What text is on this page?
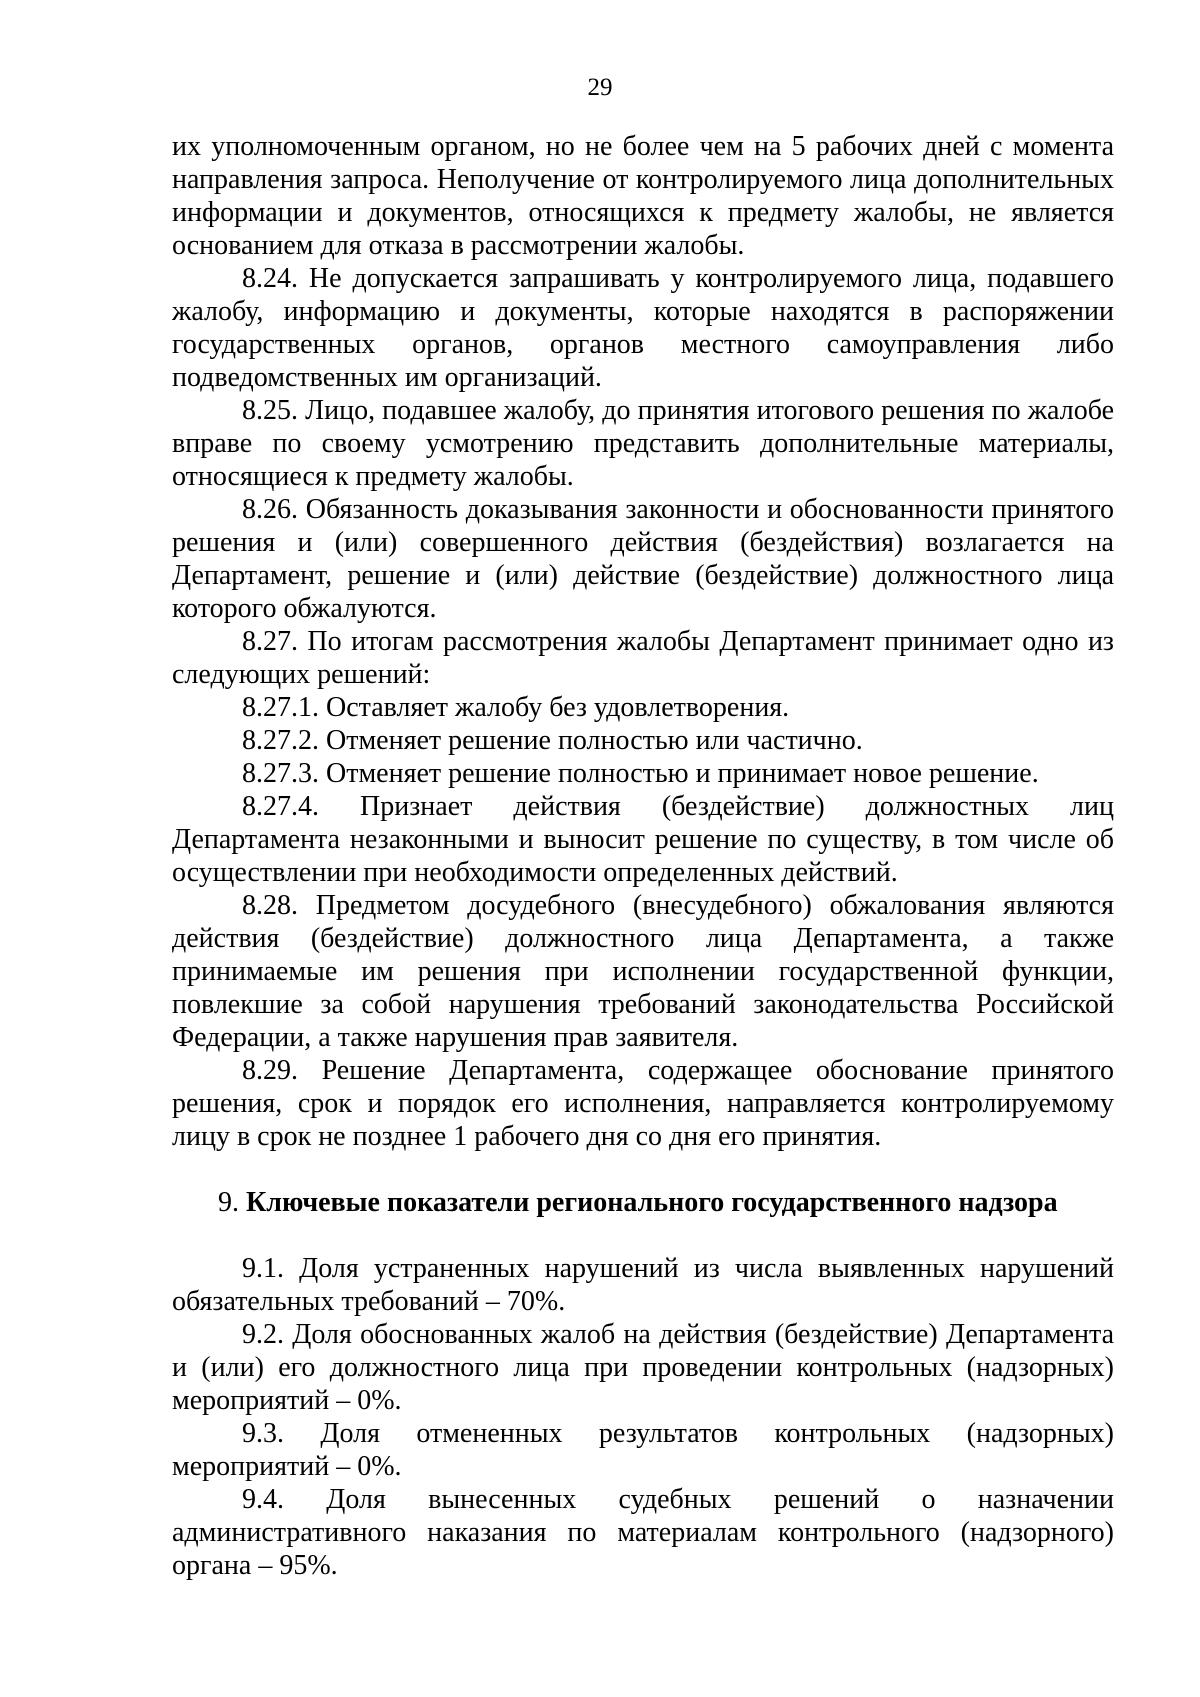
29

их уполномоченным органом, но не более чем на 5 рабочих дней с момента направления запроса. Неполучение от контролируемого лица дополнительных информации и документов, относящихся к предмету жалобы, не является основанием для отказа в рассмотрении жалобы.

8.24. Не допускается запрашивать у контролируемого лица, подавшего жалобу, информацию и документы, которые находятся в распоряжении государственных органов, органов местного самоуправления либо подведомственных им организаций.

8.25. Лицо, подавшее жалобу, до принятия итогового решения по жалобе вправе по своему усмотрению представить дополнительные материалы, относящиеся к предмету жалобы.

8.26. Обязанность доказывания законности и обоснованности принятого решения и (или) совершенного действия (бездействия) возлагается на Департамент, решение и (или) действие (бездействие) должностного лица которого обжалуются.

8.27. По итогам рассмотрения жалобы Департамент принимает одно из следующих решений:

8.27.1. Оставляет жалобу без удовлетворения.

8.27.2. Отменяет решение полностью или частично.

8.27.3. Отменяет решение полностью и принимает новое решение.

8.27.4. Признает действия (бездействие) должностных лиц Департамента незаконными и выносит решение по существу, в том числе об осуществлении при необходимости определенных действий.

8.28. Предметом досудебного (внесудебного) обжалования являются действия (бездействие) должностного лица Департамента, а также принимаемые им решения при исполнении государственной функции, повлекшие за собой нарушения требований законодательства Российской Федерации, а также нарушения прав заявителя.

8.29. Решение Департамента, содержащее обоснование принятого решения, срок и порядок его исполнения, направляется контролируемому лицу в срок не позднее 1 рабочего дня со дня его принятия.

9. Ключевые показатели регионального государственного надзора

9.1. Доля устраненных нарушений из числа выявленных нарушений обязательных требований – 70%.

9.2. Доля обоснованных жалоб на действия (бездействие) Департамента и (или) его должностного лица при проведении контрольных (надзорных) мероприятий – 0%.

9.3. Доля отмененных результатов контрольных (надзорных) мероприятий – 0%.

9.4. Доля вынесенных судебных решений о назначении административного наказания по материалам контрольного (надзорного) органа – 95%.
